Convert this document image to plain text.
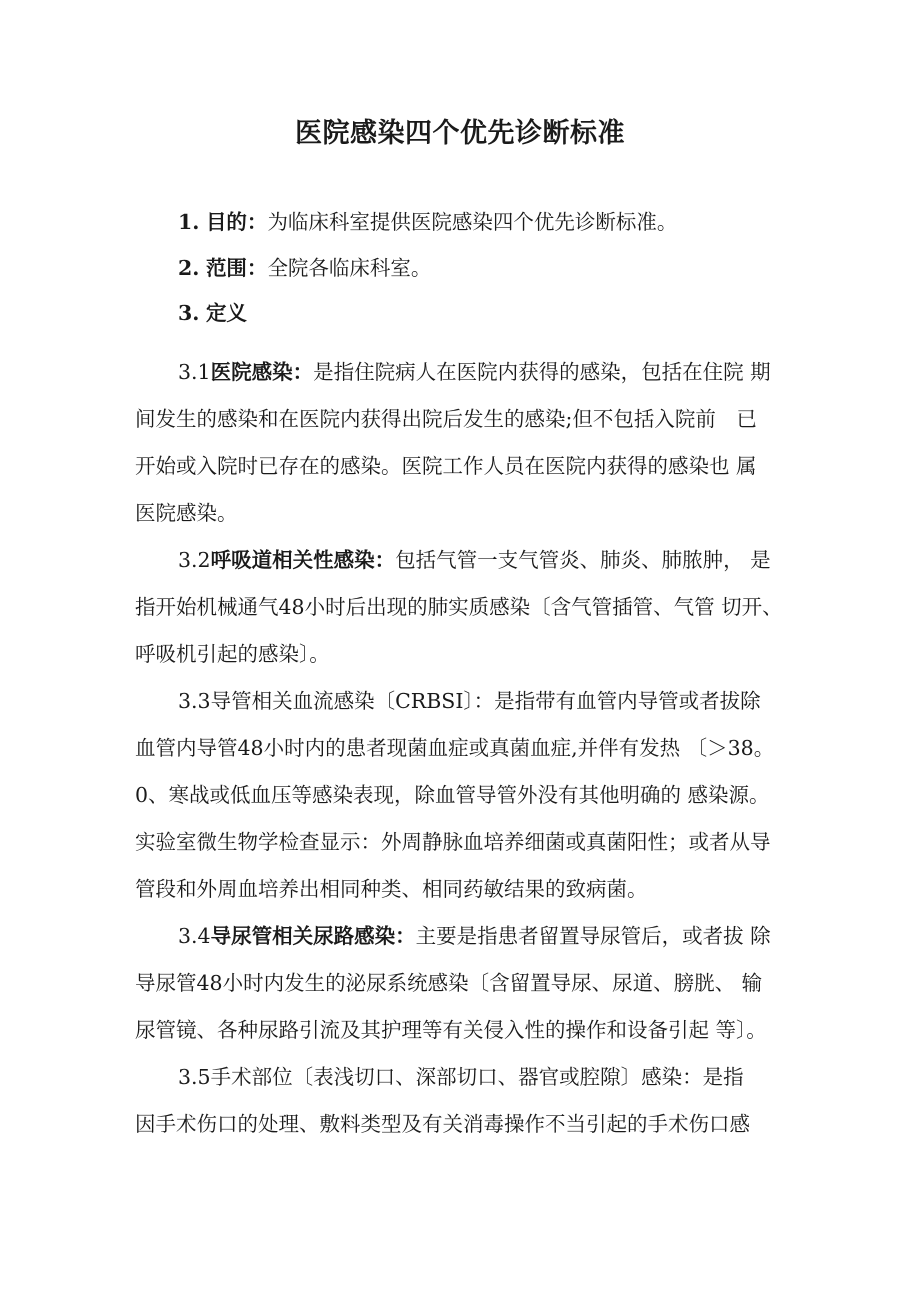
医院感染四个优先诊断标准
1. 目的：为临床科室提供医院感染四个优先诊断标准。
2. 范围：全院各临床科室。
3. 定义
3.1医院感染：是指住院病人在医院内获得的感染，包括在住院 期
间发生的感染和在医院内获得出院后发生的感染;但不包括入院前　已
开始或入院时已存在的感染。医院工作人员在医院内获得的感染也 属
医院感染。
3.2呼吸道相关性感染：包括气管一支气管炎、肺炎、肺脓肿， 是
指开始机械通气48小时后出现的肺实质感染〔含气管插管、气管 切开、
呼吸机引起的感染〕。
3.3导管相关血流感染〔CRBSI〕：是指带有血管内导管或者拔除
血管内导管48小时内的患者现菌血症或真菌血症,并伴有发热 〔＞38。
0、寒战或低血压等感染表现，除血管导管外没有其他明确的 感染源。
实验室微生物学检查显示：外周静脉血培养细菌或真菌阳性；或者从导
管段和外周血培养出相同种类、相同药敏结果的致病菌。
3.4导尿管相关尿路感染：主要是指患者留置导尿管后，或者拔 除
导尿管48小时内发生的泌尿系统感染〔含留置导尿、尿道、膀胱、 输
尿管镜、各种尿路引流及其护理等有关侵入性的操作和设备引起 等〕。
3.5手术部位〔表浅切口、深部切口、器官或腔隙〕感染：是指
因手术伤口的处理、敷料类型及有关消毒操作不当引起的手术伤口感
